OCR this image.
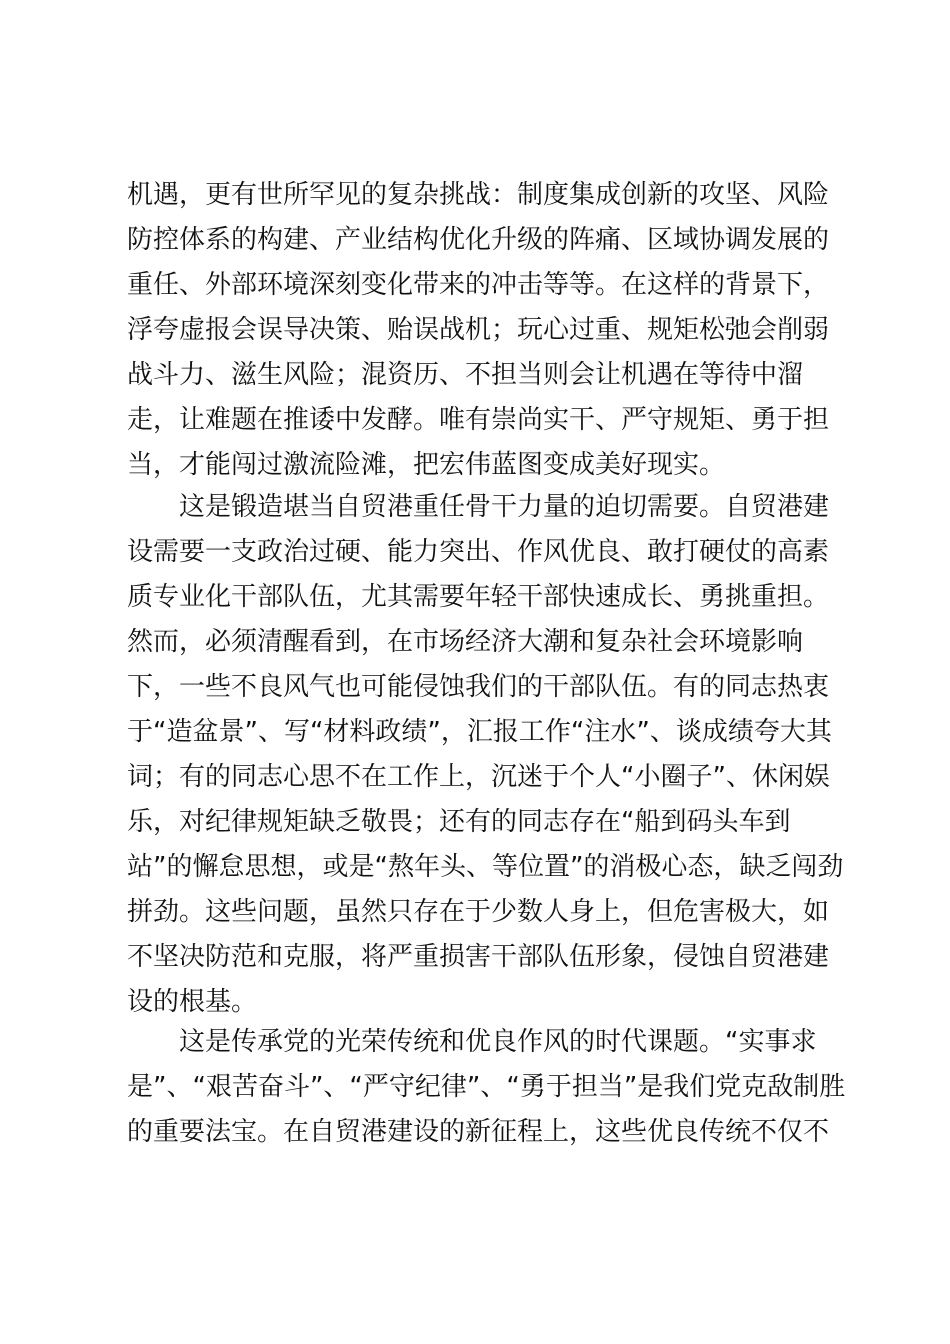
机遇，更有世所罕见的复杂挑战：制度集成创新的攻坚、风险
防控体系的构建、产业结构优化升级的阵痛、区域协调发展的
重任、外部环境深刻变化带来的冲击等等。在这样的背景下，
浮夸虚报会误导决策、贻误战机；玩心过重、规矩松弛会削弱
战斗力、滋生风险；混资历、不担当则会让机遇在等待中溜
走，让难题在推诿中发酵。唯有崇尚实干、严守规矩、勇于担
当，才能闯过激流险滩，把宏伟蓝图变成美好现实。
这是锻造堪当自贸港重任骨干力量的迫切需要。自贸港建
设需要一支政治过硬、能力突出、作风优良、敢打硬仗的高素
质专业化干部队伍，尤其需要年轻干部快速成长、勇挑重担。
然而，必须清醒看到，在市场经济大潮和复杂社会环境影响
下，一些不良风气也可能侵蚀我们的干部队伍。有的同志热衷
于“造盆景”、写“材料政绩”，汇报工作“注水”、谈成绩夸大其
词；有的同志心思不在工作上，沉迷于个人“小圈子”、休闲娱
乐，对纪律规矩缺乏敬畏；还有的同志存在“船到码头车到
站”的懈怠思想，或是“熬年头、等位置”的消极心态，缺乏闯劲
拼劲。这些问题，虽然只存在于少数人身上，但危害极大，如
不坚决防范和克服，将严重损害干部队伍形象，侵蚀自贸港建
设的根基。
这是传承党的光荣传统和优良作风的时代课题。“实事求
是”、“艰苦奋斗”、“严守纪律”、“勇于担当”是我们党克敌制胜
的重要法宝。在自贸港建设的新征程上，这些优良传统不仅不
